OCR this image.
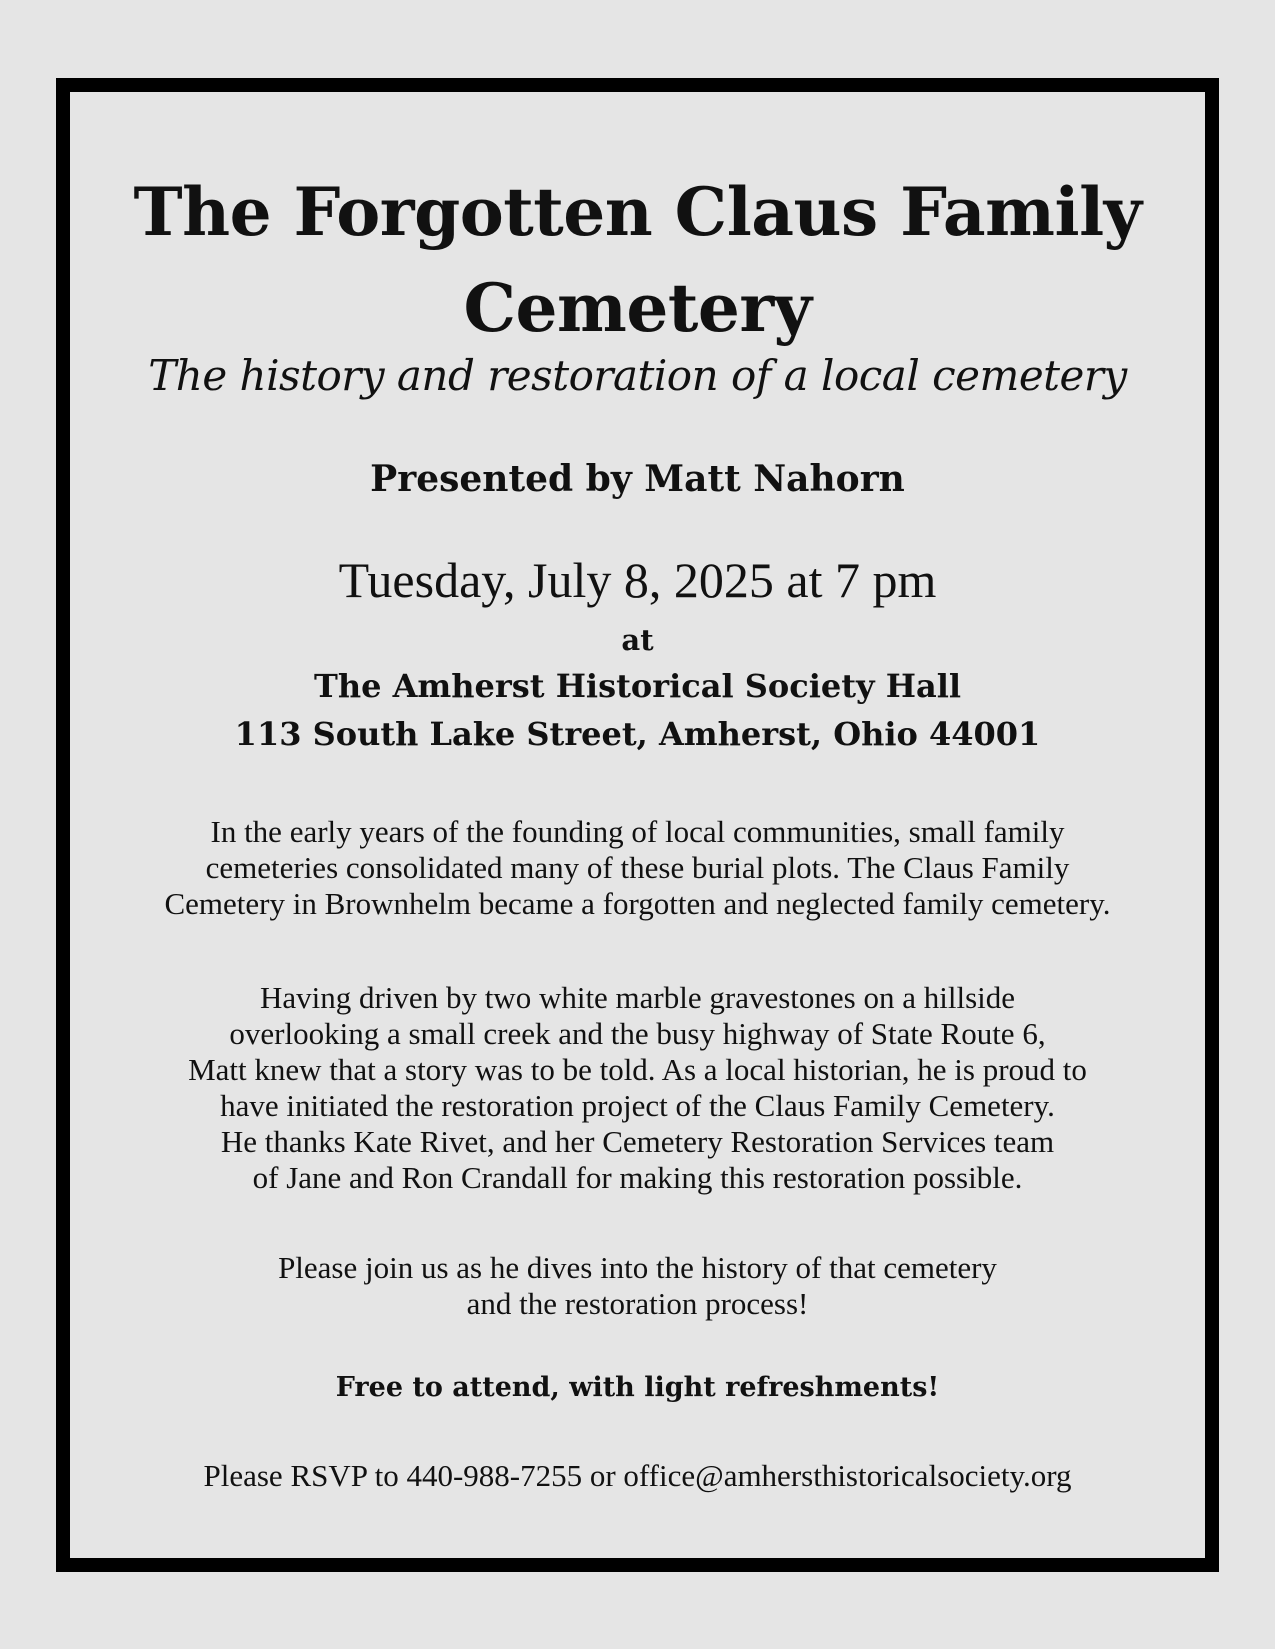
The Forgotten Claus Family
Cemetery
The history and restoration of a local cemetery
Presented by Matt Nahorn
Tuesday, July 8, 2025 at 7 pm
at
The Amherst Historical Society Hall
113 South Lake Street, Amherst, Ohio 44001
In the early years of the founding of local communities, small family
cemeteries consolidated many of these burial plots. The Claus Family
Cemetery in Brownhelm became a forgotten and neglected family cemetery.
Having driven by two white marble gravestones on a hillside
overlooking a small creek and the busy highway of State Route 6,
Matt knew that a story was to be told. As a local historian, he is proud to
have initiated the restoration project of the Claus Family Cemetery.
He thanks Kate Rivet, and her Cemetery Restoration Services team
of Jane and Ron Crandall for making this restoration possible.
Please join us as he dives into the history of that cemetery
and the restoration process!
Free to attend, with light refreshments!
Please RSVP to 440-988-7255 or office@amhersthistoricalsociety.org
